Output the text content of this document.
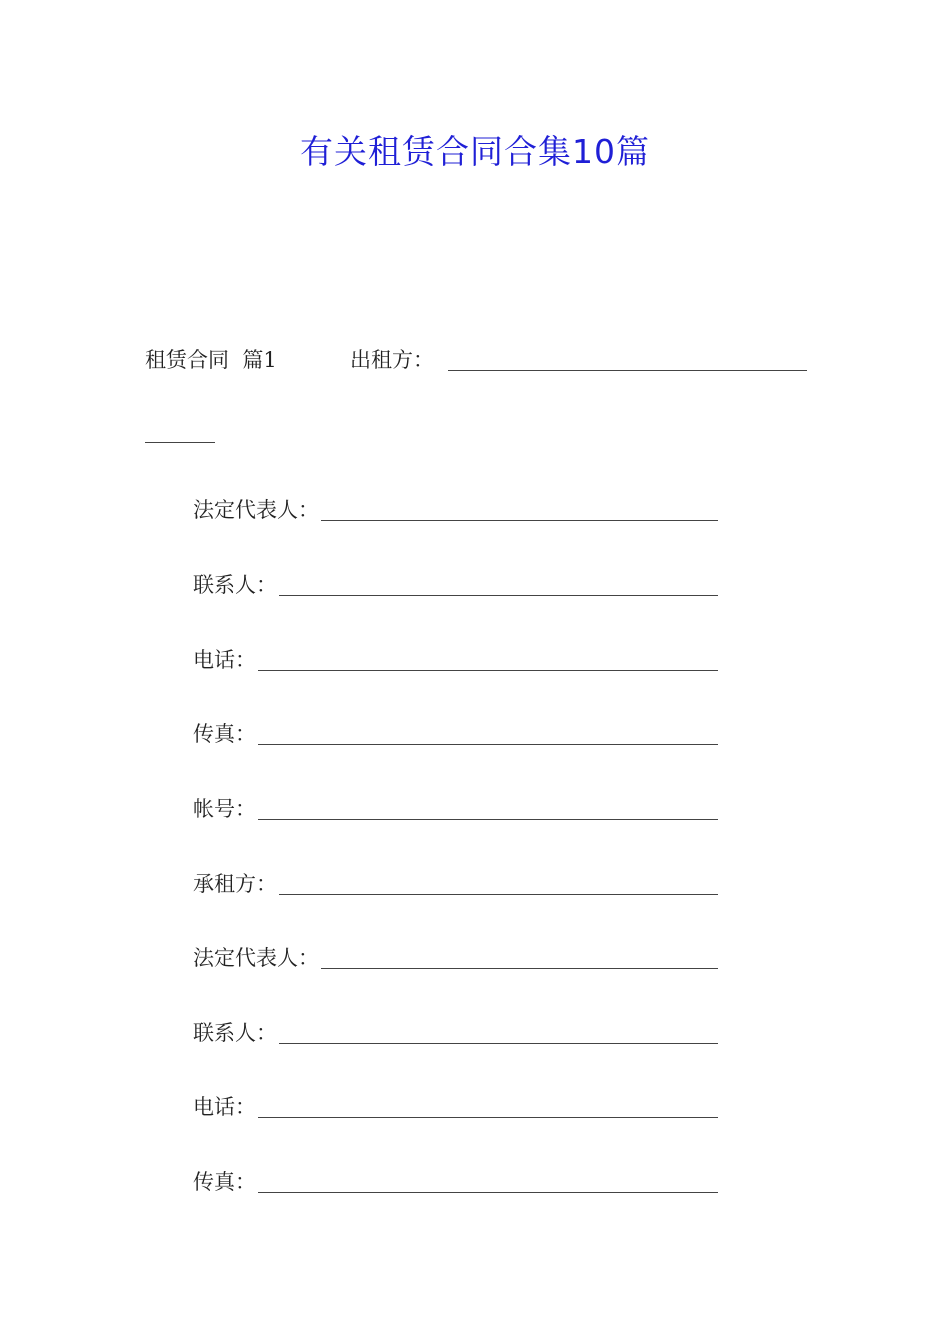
有关租赁合同合集10篇
租赁合同  篇1	出租方：
法定代表人：
联系人：
电话：
传真：
帐号：
承租方：
法定代表人：
联系人：
电话：
传真：
